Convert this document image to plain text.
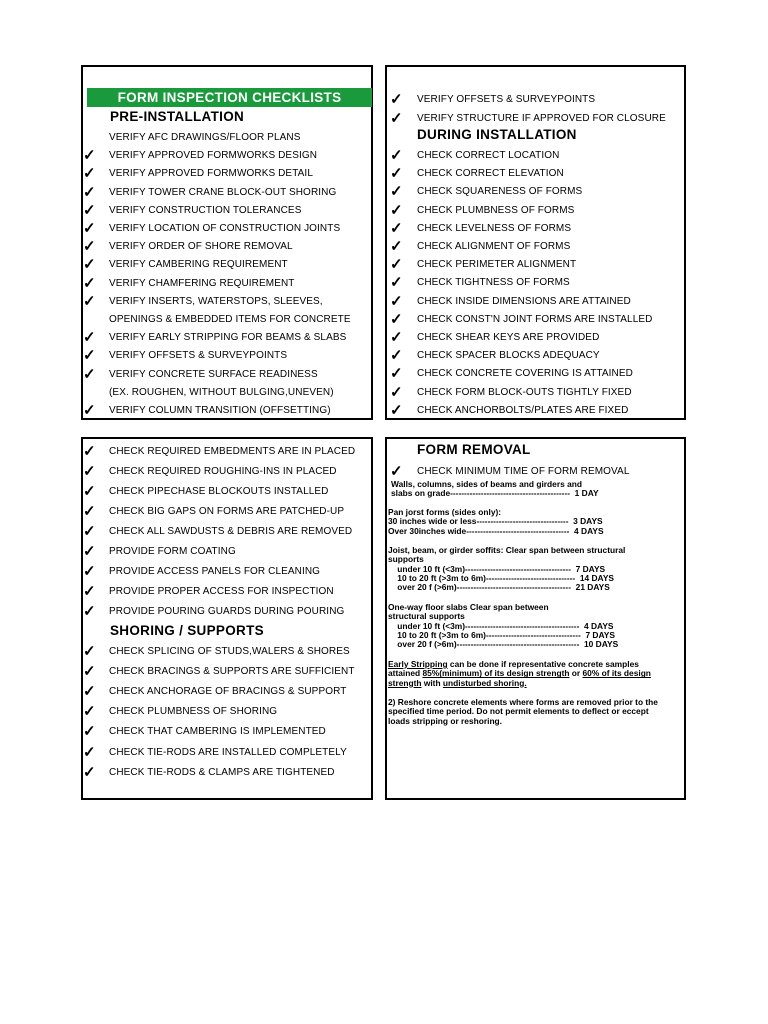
FORM INSPECTION CHECKLISTS
PRE-INSTALLATION
VERIFY AFC DRAWINGS/FLOOR PLANS
✓ VERIFY APPROVED FORMWORKS DESIGN
✓ VERIFY APPROVED FORMWORKS DETAIL
✓ VERIFY TOWER CRANE BLOCK-OUT SHORING
✓ VERIFY CONSTRUCTION TOLERANCES
✓ VERIFY LOCATION OF CONSTRUCTION JOINTS
✓ VERIFY ORDER OF SHORE REMOVAL
✓ VERIFY CAMBERING REQUIREMENT
✓ VERIFY CHAMFERING REQUIREMENT
✓ VERIFY INSERTS, WATERSTOPS, SLEEVES,
OPENINGS & EMBEDDED ITEMS FOR CONCRETE
✓ VERIFY EARLY STRIPPING FOR BEAMS & SLABS
✓ VERIFY OFFSETS & SURVEYPOINTS
✓ VERIFY CONCRETE SURFACE READINESS
(EX. ROUGHEN, WITHOUT BULGING,UNEVEN)
✓ VERIFY COLUMN TRANSITION (OFFSETTING)
✓ VERIFY OFFSETS & SURVEYPOINTS
✓ VERIFY STRUCTURE IF APPROVED FOR CLOSURE
DURING INSTALLATION
✓ CHECK CORRECT LOCATION
✓ CHECK CORRECT ELEVATION
✓ CHECK SQUARENESS OF FORMS
✓ CHECK PLUMBNESS OF FORMS
✓ CHECK LEVELNESS OF FORMS
✓ CHECK ALIGNMENT OF FORMS
✓ CHECK PERIMETER ALIGNMENT
✓ CHECK TIGHTNESS OF FORMS
✓ CHECK INSIDE DIMENSIONS ARE ATTAINED
✓ CHECK CONST'N JOINT FORMS ARE INSTALLED
✓ CHECK SHEAR KEYS ARE PROVIDED
✓ CHECK SPACER BLOCKS ADEQUACY
✓ CHECK CONCRETE COVERING IS ATTAINED
✓ CHECK FORM BLOCK-OUTS TIGHTLY FIXED
✓ CHECK ANCHORBOLTS/PLATES ARE FIXED
✓ CHECK REQUIRED EMBEDMENTS ARE IN PLACED
✓ CHECK REQUIRED ROUGHING-INS IN PLACED
✓ CHECK PIPECHASE BLOCKOUTS INSTALLED
✓ CHECK BIG GAPS ON FORMS ARE PATCHED-UP
✓ CHECK ALL SAWDUSTS & DEBRIS ARE REMOVED
✓ PROVIDE FORM COATING
✓ PROVIDE ACCESS PANELS FOR CLEANING
✓ PROVIDE PROPER ACCESS FOR INSPECTION
✓ PROVIDE POURING GUARDS DURING POURING
SHORING / SUPPORTS
✓ CHECK SPLICING OF STUDS,WALERS & SHORES
✓ CHECK BRACINGS & SUPPORTS ARE SUFFICIENT
✓ CHECK ANCHORAGE OF BRACINGS & SUPPORT
✓ CHECK PLUMBNESS OF SHORING
✓ CHECK THAT CAMBERING IS IMPLEMENTED
✓ CHECK TIE-RODS ARE INSTALLED COMPLETELY
✓ CHECK TIE-RODS & CLAMPS ARE TIGHTENED
FORM REMOVAL
✓ CHECK MINIMUM TIME OF FORM REMOVAL
Walls, columns, sides of beams and girders and
slabs on grade-------------------------------------------  1 DAY
Pan jorst forms (sides only):
30 inches wide or less---------------------------------  3 DAYS
Over 30inches wide-------------------------------------  4 DAYS
Joist, beam, or girder soffits: Clear span between structural
supports
under 10 ft (<3m)--------------------------------------  7 DAYS
10 to 20 ft (>3m to 6m)--------------------------------  14 DAYS
over 20 f (>6m)-----------------------------------------  21 DAYS
One-way floor slabs Clear span between
structural supports
under 10 ft (<3m)-----------------------------------------  4 DAYS
10 to 20 ft (>3m to 6m)----------------------------------  7 DAYS
over 20 f (>6m)--------------------------------------------  10 DAYS
Early Stripping can be done if representative concrete samples
attained 85%(minimum) of its design strength or 60% of its design
strength with undisturbed shoring.
2) Reshore concrete elements where forms are removed prior to the
specified time period. Do not permit elements to deflect or eccept
loads stripping or reshoring.
